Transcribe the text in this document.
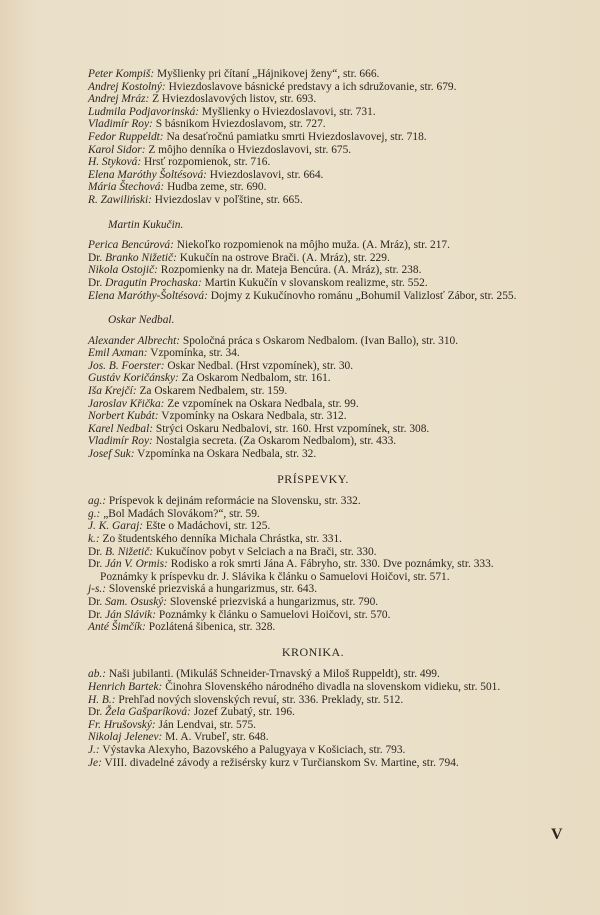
Peter Kompiš: Myšlienky pri čítaní „Hájnikovej ženy“, str. 666.

Andrej Kostolný: Hviezdoslavove básnické predstavy a ich sdružovanie, str. 679.

Andrej Mráz: Z Hviezdoslavových listov, str. 693.

Ludmila Podjavorinská: Myšlienky o Hviezdoslavovi, str. 731.

Vladimír Roy: S básnikom Hviezdoslavom, str. 727.

Fedor Ruppeldt: Na desaťročnú pamiatku smrti Hviezdoslavovej, str. 718.

Karol Sidor: Z môjho denníka o Hviezdoslavovi, str. 675.

H. Styková: Hrsť rozpomienok, str. 716.

Elena Maróthy Šoltésová: Hviezdoslavovi, str. 664.

Mária Štechová: Hudba zeme, str. 690.

R. Zawiliński: Hviezdoslav v poľštine, str. 665.

Martin Kukučin.

Perica Bencúrová: Niekoľko rozpomienok na môjho muža. (A. Mráz), str. 217.

Dr. Branko Nižetič: Kukučín na ostrove Brači. (A. Mráz), str. 229.

Nikola Ostojič: Rozpomienky na dr. Mateja Bencúra. (A. Mráz), str. 238.

Dr. Dragutin Prochaska: Martin Kukučín v slovanskom realizme, str. 552.

Elena Maróthy-Šoltésová: Dojmy z Kukučínovho románu „Bohumil Valizlosť Zábor, str. 255.

Oskar Nedbal.

Alexander Albrecht: Spoločná práca s Oskarom Nedbalom. (Ivan Ballo), str. 310.

Emil Axman: Vzpomínka, str. 34.

Jos. B. Foerster: Oskar Nedbal. (Hrst vzpomínek), str. 30.

Gustáv Koričánsky: Za Oskarom Nedbalom, str. 161.

Iša Krejčí: Za Oskarem Nedbalem, str. 159.

Jaroslav Křička: Ze vzpomínek na Oskara Nedbala, str. 99.

Norbert Kubát: Vzpomínky na Oskara Nedbala, str. 312.

Karel Nedbal: Strýci Oskaru Nedbalovi, str. 160. Hrst vzpomínek, str. 308.

Vladimír Roy: Nostalgia secreta. (Za Oskarom Nedbalom), str. 433.

Josef Suk: Vzpomínka na Oskara Nedbala, str. 32.

PRÍSPEVKY.

ag.: Príspevok k dejinám reformácie na Slovensku, str. 332.

g.: „Bol Madách Slovákom?“, str. 59.

J. K. Garaj: Ešte o Madáchovi, str. 125.

k.: Zo študentského denníka Michala Chrástka, str. 331.

Dr. B. Nižetič: Kukučínov pobyt v Selciach a na Brači, str. 330.

Dr. Ján V. Ormis: Rodisko a rok smrti Jána A. Fábryho, str. 330. Dve poznámky, str. 333. Poznámky k príspevku dr. J. Slávika k článku o Samuelovi Hoičovi, str. 571.

j-s.: Slovenské priezviská a hungarizmus, str. 643.

Dr. Sam. Osuský: Slovenské priezviská a hungarizmus, str. 790.

Dr. Ján Slávik: Poznámky k článku o Samuelovi Hoičovi, str. 570.

Anté Šimčík: Pozlátená šibenica, str. 328.

KRONIKA.

ab.: Naši jubilanti. (Mikuláš Schneider-Trnavský a Miloš Ruppeldt), str. 499.

Henrich Bartek: Činohra Slovenského národného divadla na slovenskom vidieku, str. 501.

H. B.: Prehľad nových slovenských revuí, str. 336. Preklady, str. 512.

Dr. Žela Gašparíková: Jozef Zubatý, str. 196.

Fr. Hrušovský: Ján Lendvai, str. 575.

Nikolaj Jelenev: M. A. Vrubeľ, str. 648.

J.: Výstavka Alexyho, Bazovského a Palugyaya v Košiciach, str. 793.

Je: VIII. divadelné závody a režisérsky kurz v Turčianskom Sv. Martine, str. 794.

V
